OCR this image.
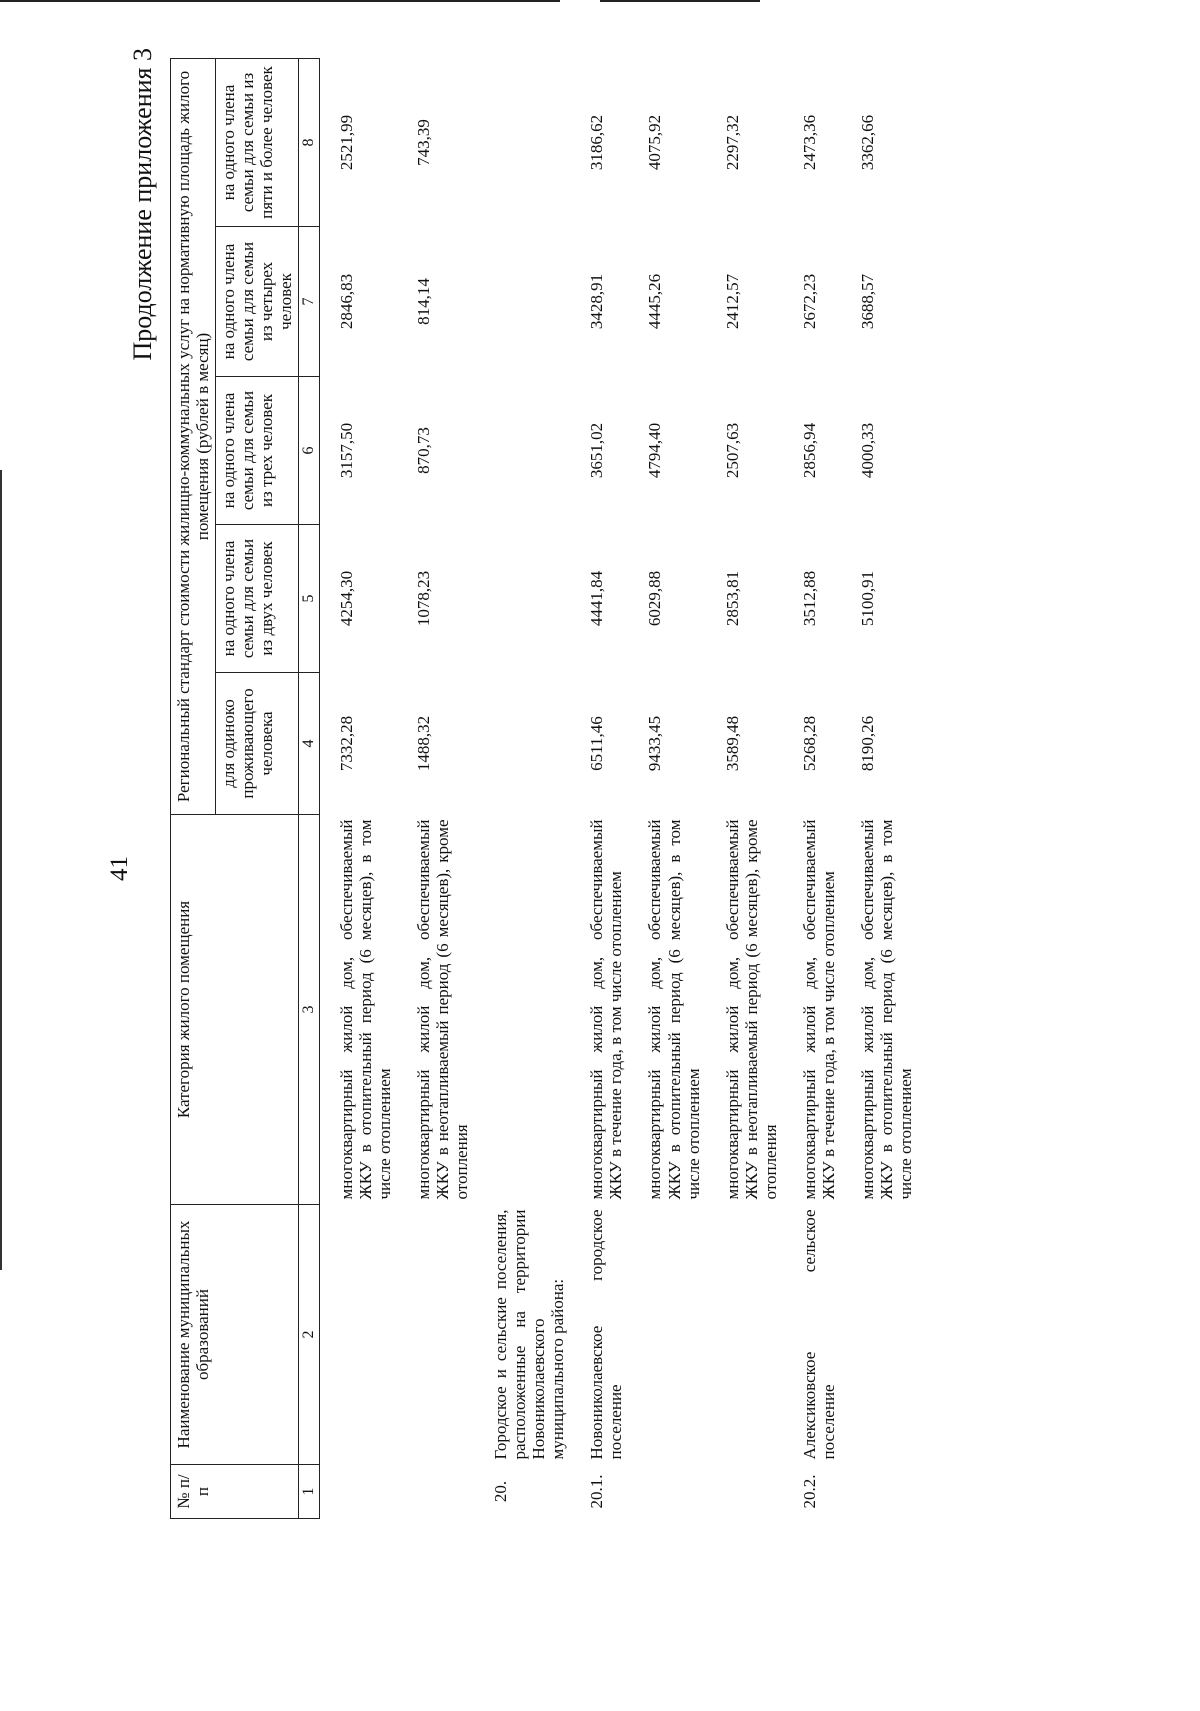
41
Продолжение приложения 3
№ п/п	Наименование муниципальных образований	Категория жилого помещения	Региональный стандарт стоимости жилищно-коммунальных услуг на нормативную площадь жилого помещения (рублей в месяц)				
			для одиноко проживающего человека	на одного члена семьи для семьи из двух человек	на одного члена семьи для семьи из трех человек	на одного члена семьи для семьи из четырех человек	на одного члена семьи для семьи из пяти и более человек
1	2	3	4	5	6	7	8

		многоквартирный жилой дом, обеспечиваемый ЖКУ в отопительный период (6 месяцев), в том числе отоплением	7332,28	4254,30	3157,50	2846,83	2521,99

		многоквартирный жилой дом, обеспечиваемый ЖКУ в неотапливаемый период (6 месяцев), кроме отопления	1488,32	1078,23	870,73	814,14	743,39

20.	Городское и сельские поселения, расположенные на территории Новониколаевского муниципального района:						

20.1.	Новониколаевское городское поселение	многоквартирный жилой дом, обеспечиваемый ЖКУ в течение года, в том числе отоплением	6511,46	4441,84	3651,02	3428,91	3186,62

		многоквартирный жилой дом, обеспечиваемый ЖКУ в отопительный период (6 месяцев), в том числе отоплением	9433,45	6029,88	4794,40	4445,26	4075,92

		многоквартирный жилой дом, обеспечиваемый ЖКУ в неотапливаемый период (6 месяцев), кроме отопления	3589,48	2853,81	2507,63	2412,57	2297,32

20.2.	Алексиковское сельское поселение	многоквартирный жилой дом, обеспечиваемый ЖКУ в течение года, в том числе отоплением	5268,28	3512,88	2856,94	2672,23	2473,36

		многоквартирный жилой дом, обеспечиваемый ЖКУ в отопительный период (6 месяцев), в том числе отоплением	8190,26	5100,91	4000,33	3688,57	3362,66
